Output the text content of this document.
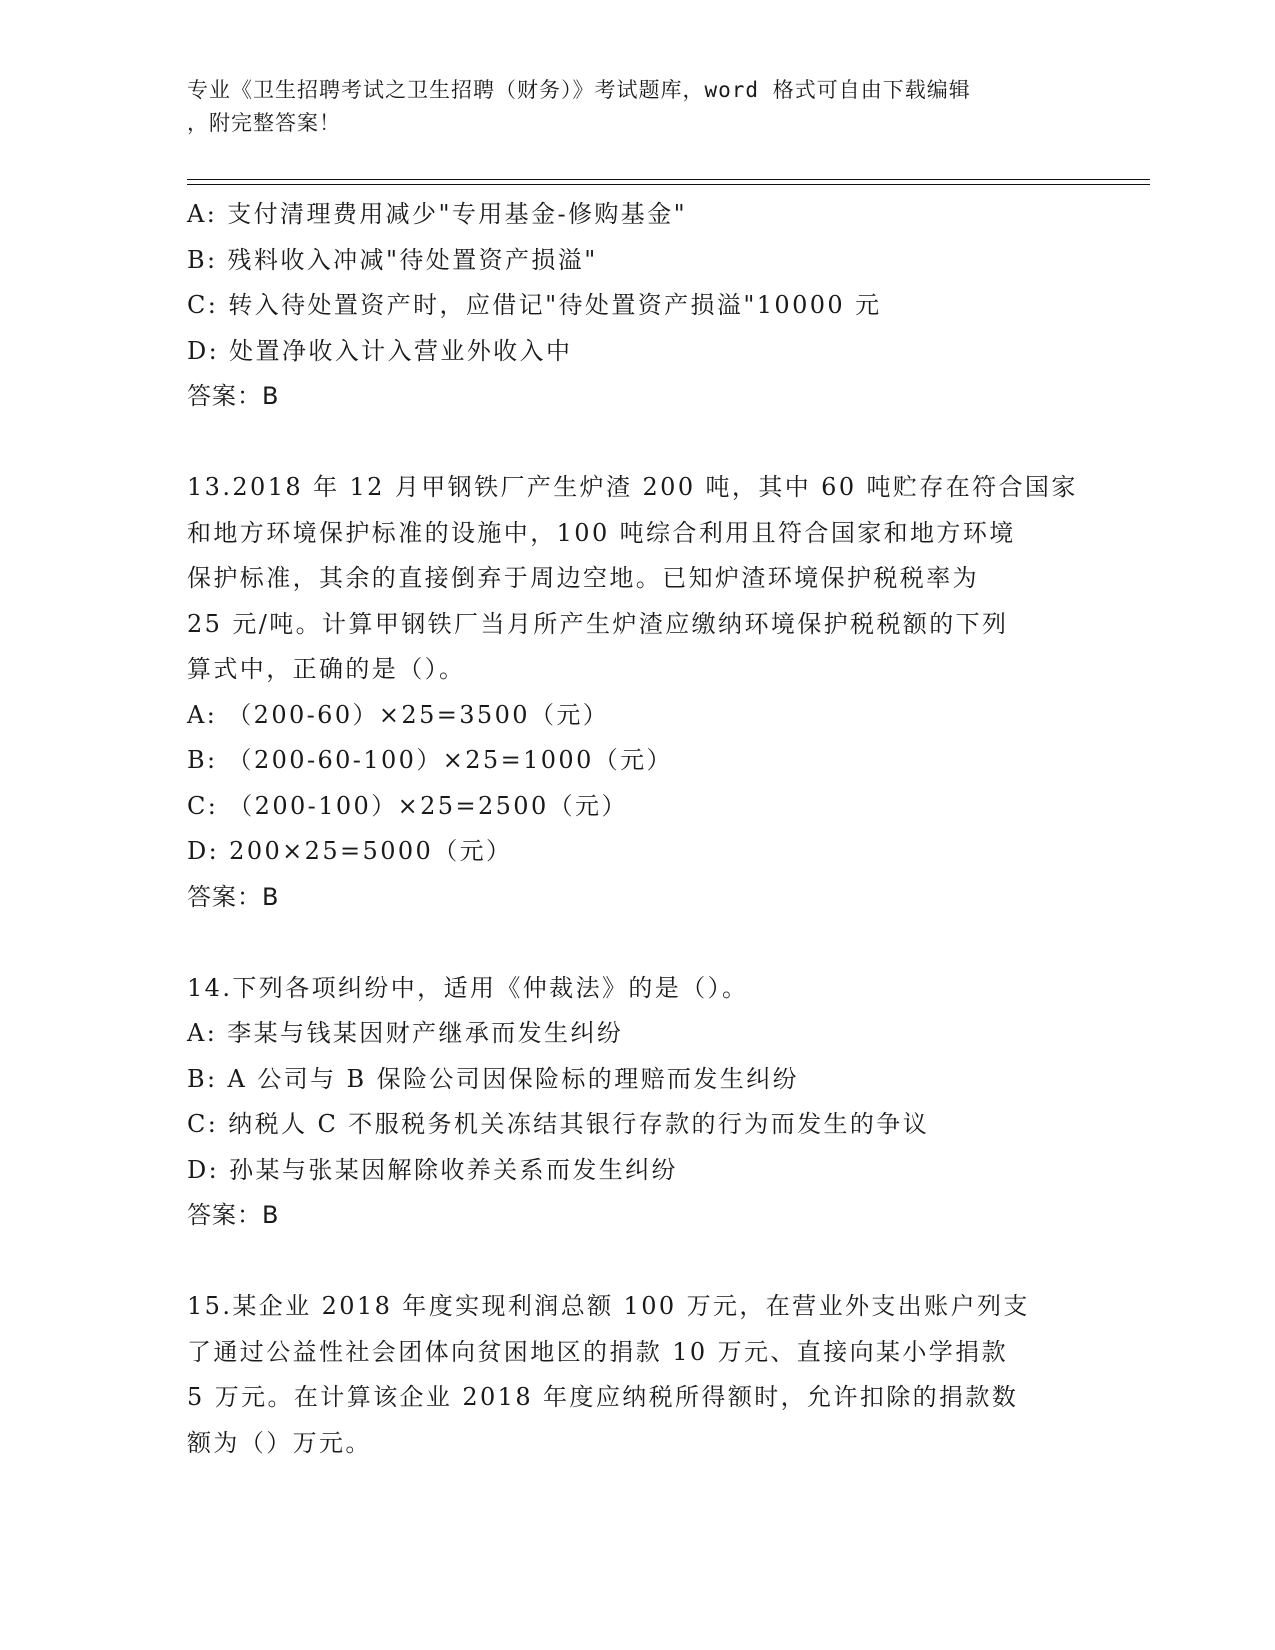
专业《卫生招聘考试之卫生招聘（财务）》考试题库，word 格式可自由下载编辑
，附完整答案！
A: 支付清理费用减少"专用基金-修购基金"
B: 残料收入冲减"待处置资产损溢"
C: 转入待处置资产时，应借记"待处置资产损溢"10000 元
D: 处置净收入计入营业外收入中
答案：B
13.2018 年 12 月甲钢铁厂产生炉渣 200 吨，其中 60 吨贮存在符合国家
和地方环境保护标准的设施中，100 吨综合利用且符合国家和地方环境
保护标准，其余的直接倒弃于周边空地。已知炉渣环境保护税税率为
25 元/吨。计算甲钢铁厂当月所产生炉渣应缴纳环境保护税税额的下列
算式中，正确的是（）。
A: （200-60）×25=3500（元）
B: （200-60-100）×25=1000（元）
C: （200-100）×25=2500（元）
D: 200×25=5000（元）
答案：B
14.下列各项纠纷中，适用《仲裁法》的是（）。
A: 李某与钱某因财产继承而发生纠纷
B: A 公司与 B 保险公司因保险标的理赔而发生纠纷
C: 纳税人 C 不服税务机关冻结其银行存款的行为而发生的争议
D: 孙某与张某因解除收养关系而发生纠纷
答案：B
15.某企业 2018 年度实现利润总额 100 万元，在营业外支出账户列支
了通过公益性社会团体向贫困地区的捐款 10 万元、直接向某小学捐款
5 万元。在计算该企业 2018 年度应纳税所得额时，允许扣除的捐款数
额为（）万元。
